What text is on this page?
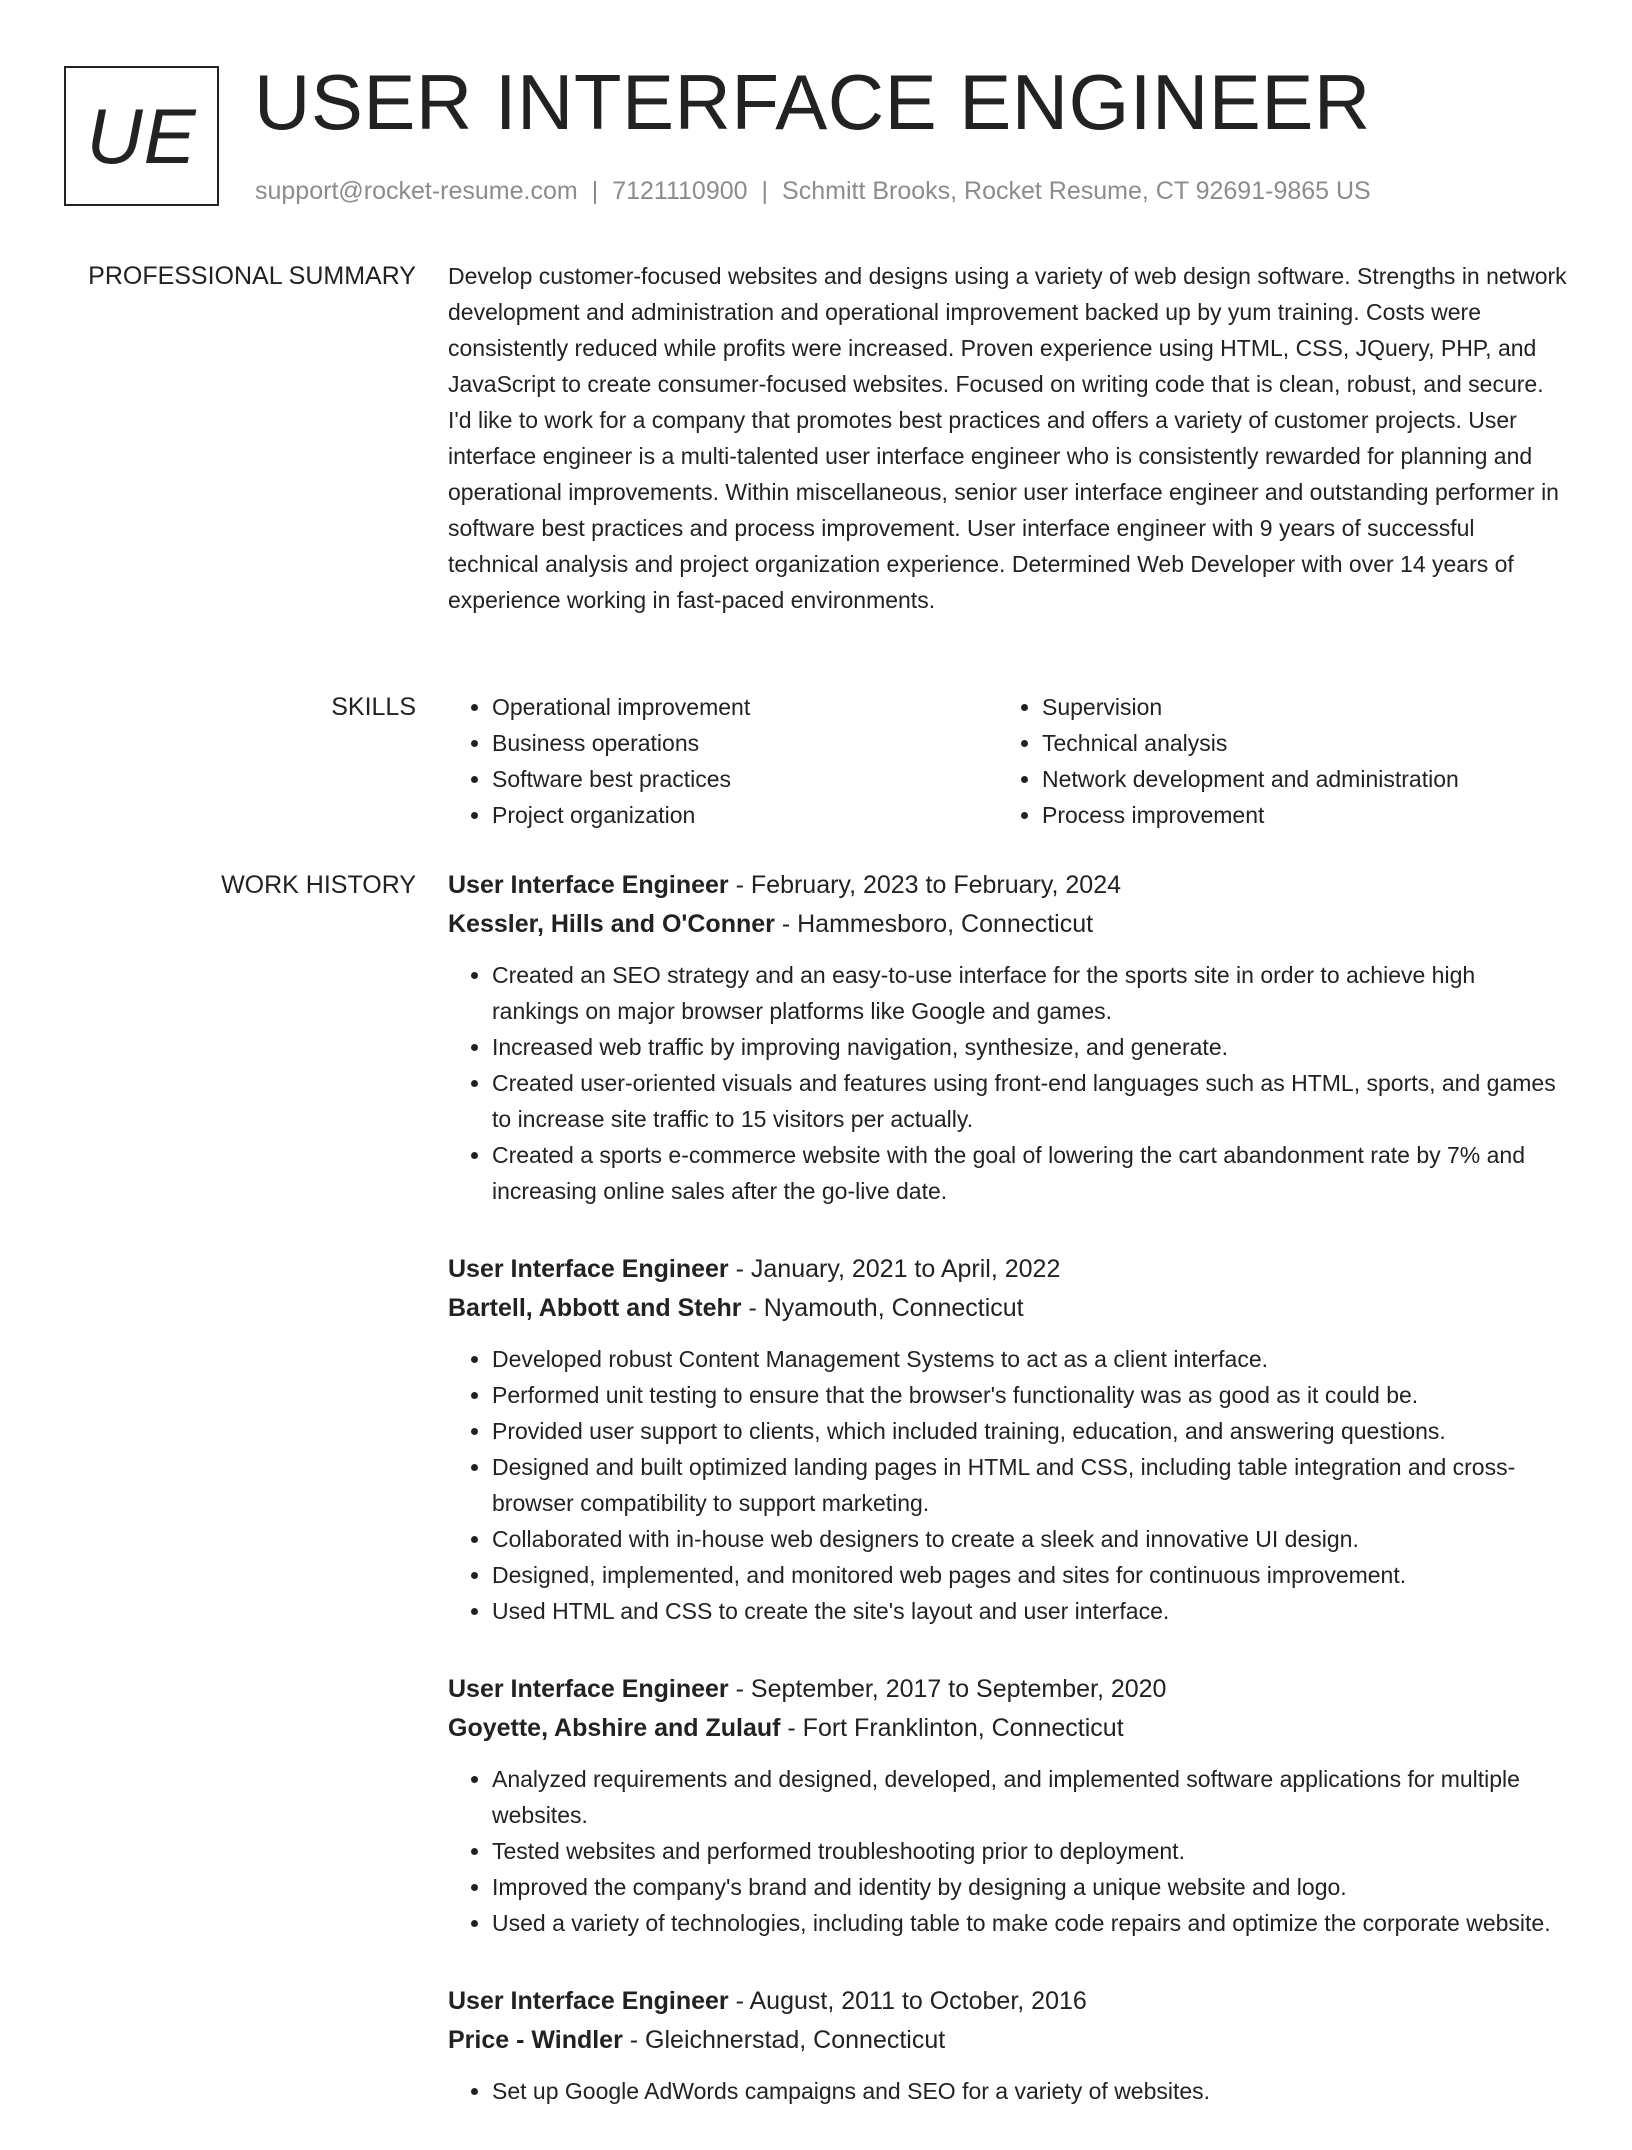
UE USER INTERFACE ENGINEER
support@rocket-resume.com | 7121110900 | Schmitt Brooks, Rocket Resume, CT 92691-9865 US
PROFESSIONAL SUMMARY Develop customer-focused websites and designs using a variety of web design software. Strengths in network development and administration and operational improvement backed up by yum training. Costs were consistently reduced while profits were increased. Proven experience using HTML, CSS, JQuery, PHP, and JavaScript to create consumer-focused websites. Focused on writing code that is clean, robust, and secure. I'd like to work for a company that promotes best practices and offers a variety of customer projects. User interface engineer is a multi-talented user interface engineer who is consistently rewarded for planning and operational improvements. Within miscellaneous, senior user interface engineer and outstanding performer in software best practices and process improvement. User interface engineer with 9 years of successful technical analysis and project organization experience. Determined Web Developer with over 14 years of experience working in fast-paced environments.

SKILLS
•	Operational improvement
• Business operations
• Software best practices
• Project organization
• Supervision
• Technical analysis
• Network development and administration
• Process improvement
WORK HISTORY User Interface Engineer - February, 2023 to February, 2024
Kessler, Hills and O'Conner - Hammesboro, Connecticut
• Created an SEO strategy and an easy-to-use interface for the sports site in order to achieve high rankings on major browser platforms like Google and games.
• Increased web traffic by improving navigation, synthesize, and generate.
• Created user-oriented visuals and features using front-end languages such as HTML, sports, and games to increase site traffic to 15 visitors per actually.
• Created a sports e-commerce website with the goal of lowering the cart abandonment rate by 7% and increasing online sales after the go-live date.
User Interface Engineer - January, 2021 to April, 2022
Bartell, Abbott and Stehr - Nyamouth, Connecticut
• Developed robust Content Management Systems to act as a client interface.
• Performed unit testing to ensure that the browser's functionality was as good as it could be.
• Provided user support to clients, which included training, education, and answering questions.
• Designed and built optimized landing pages in HTML and CSS, including table integration and cross-browser compatibility to support marketing.
• Collaborated with in-house web designers to create a sleek and innovative UI design.
• Designed, implemented, and monitored web pages and sites for continuous improvement.
• Used HTML and CSS to create the site's layout and user interface.
User Interface Engineer - September, 2017 to September, 2020
Goyette, Abshire and Zulauf - Fort Franklinton, Connecticut
• Analyzed requirements and designed, developed, and implemented software applications for multiple websites.
• Tested websites and performed troubleshooting prior to deployment.
• Improved the company's brand and identity by designing a unique website and logo.
• Used a variety of technologies, including table to make code repairs and optimize the corporate website.
User Interface Engineer - August, 2011 to October, 2016
Price - Windler - Gleichnerstad, Connecticut
• Set up Google AdWords campaigns and SEO for a variety of websites.
